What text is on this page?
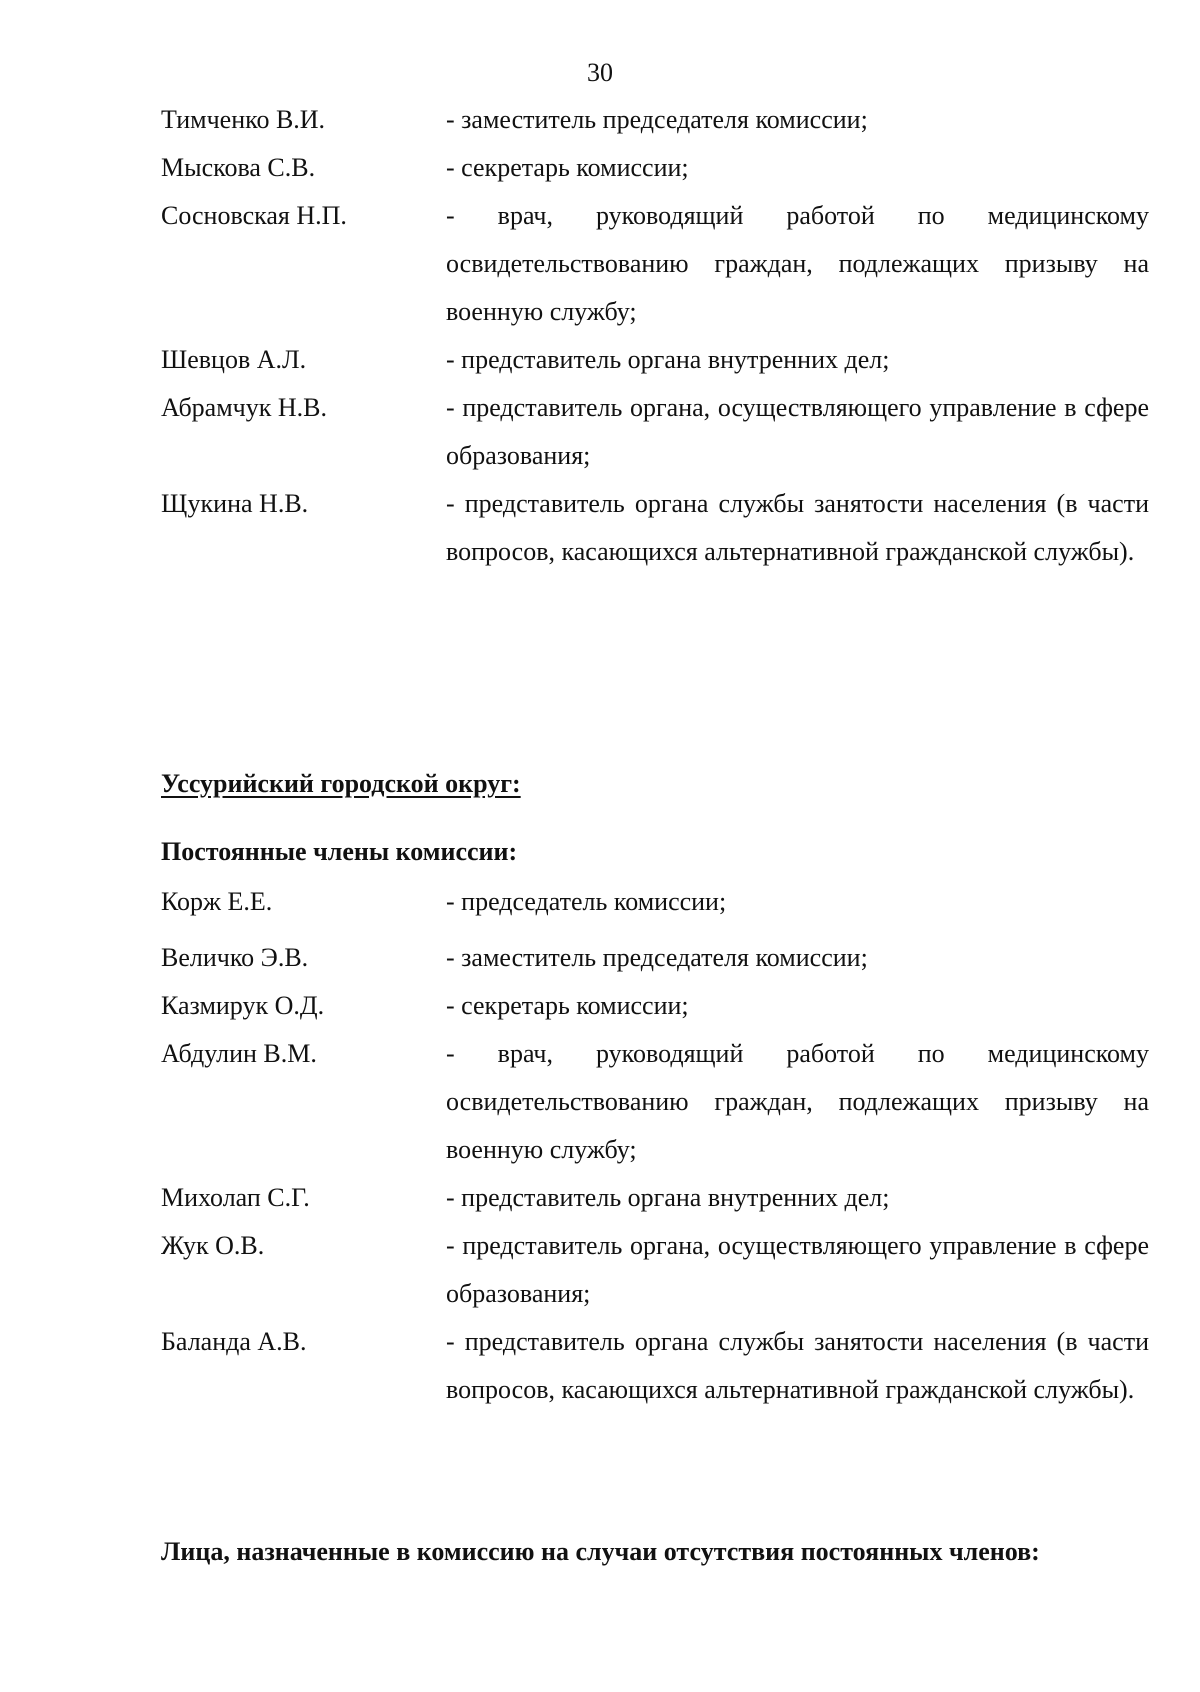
30
Тимченко В.И.	- заместитель председателя комиссии;
Мыскова С.В.	- секретарь комиссии;
Сосновская Н.П.	- врач, руководящий работой по медицинскому освидетельствованию граждан, подлежащих призыву на военную службу;
Шевцов А.Л.	- представитель органа внутренних дел;
Абрамчук Н.В.	- представитель органа, осуществляющего управление в сфере образования;
Щукина Н.В.	- представитель органа службы занятости населения (в части вопросов, касающихся альтернативной гражданской службы).
Уссурийский городской округ:
Постоянные члены комиссии:
Корж Е.Е.	- председатель комиссии;
Величко Э.В.	- заместитель председателя комиссии;
Казмирук О.Д.	- секретарь комиссии;
Абдулин В.М.	- врач, руководящий работой по медицинскому освидетельствованию граждан, подлежащих призыву на военную службу;
Михолап С.Г.	- представитель органа внутренних дел;
Жук О.В.	- представитель органа, осуществляющего управление в сфере образования;
Баланда А.В.	- представитель органа службы занятости населения (в части вопросов, касающихся альтернативной гражданской службы).
Лица, назначенные в комиссию на случаи отсутствия постоянных членов:
